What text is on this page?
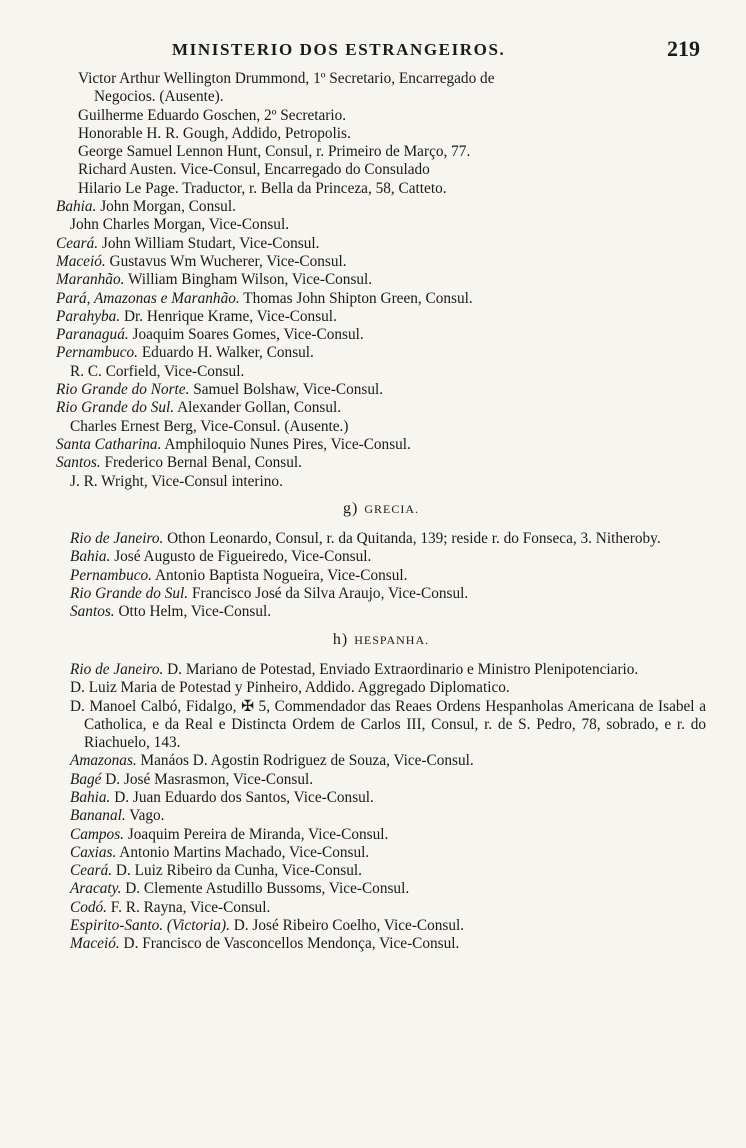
MINISTERIO DOS ESTRANGEIROS.	219
Victor Arthur Wellington Drummond, 1º Secretario, Encarregado de
Negocios. (Ausente).
Guilherme Eduardo Goschen, 2º Secretario.
Honorable H. R. Gough, Addido, Petropolis.
George Samuel Lennon Hunt, Consul, r. Primeiro de Março, 77.
Richard Austen. Vice-Consul, Encarregado do Consulado
Hilario Le Page. Traductor, r. Bella da Princeza, 58, Catteto.
Bahia. John Morgan, Consul.
John Charles Morgan, Vice-Consul.
Ceará. John William Studart, Vice-Consul.
Maceió. Gustavus Wm Wucherer, Vice-Consul.
Maranhão. William Bingham Wilson, Vice-Consul.
Pará, Amazonas e Maranhão. Thomas John Shipton Green, Consul.
Parahyba. Dr. Henrique Krame, Vice-Consul.
Paranaguá. Joaquim Soares Gomes, Vice-Consul.
Pernambuco. Eduardo H. Walker, Consul.
R. C. Corfield, Vice-Consul.
Rio Grande do Norte. Samuel Bolshaw, Vice-Consul.
Rio Grande do Sul. Alexander Gollan, Consul.
Charles Ernest Berg, Vice-Consul. (Ausente.)
Santa Catharina. Amphiloquio Nunes Pires, Vice-Consul.
Santos. Frederico Bernal Benal, Consul.
J. R. Wright, Vice-Consul interino.
g) GRECIA.
Rio de Janeiro. Othon Leonardo, Consul, r. da Quitanda, 139; reside r. do Fonseca, 3. Nitheroby.
Bahia. José Augusto de Figueiredo, Vice-Consul.
Pernambuco. Antonio Baptista Nogueira, Vice-Consul.
Rio Grande do Sul. Francisco José da Silva Araujo, Vice-Consul.
Santos. Otto Helm, Vice-Consul.
h) HESPANHA.
Rio de Janeiro. D. Mariano de Potestad, Enviado Extraordinario e Ministro Plenipotenciario.
D. Luiz Maria de Potestad y Pinheiro, Addido. Aggregado Diplomatico.
D. Manoel Calbó, Fidalgo, ✠ 5, Commendador das Reaes Ordens Hespanholas Americana de Isabel a Catholica, e da Real e Distincta Ordem de Carlos III, Consul, r. de S. Pedro, 78, sobrado, e r. do Riachuelo, 143.
Amazonas. Manáos D. Agostin Rodriguez de Souza, Vice-Consul.
Bagé D. José Masrasmon, Vice-Consul.
Bahia. D. Juan Eduardo dos Santos, Vice-Consul.
Bananal. Vago.
Campos. Joaquim Pereira de Miranda, Vice-Consul.
Caxias. Antonio Martins Machado, Vice-Consul.
Ceará. D. Luiz Ribeiro da Cunha, Vice-Consul.
Aracaty. D. Clemente Astudillo Bussoms, Vice-Consul.
Codó. F. R. Rayna, Vice-Consul.
Espirito-Santo. (Victoria). D. José Ribeiro Coelho, Vice-Consul.
Maceió. D. Francisco de Vasconcellos Mendonça, Vice-Consul.
